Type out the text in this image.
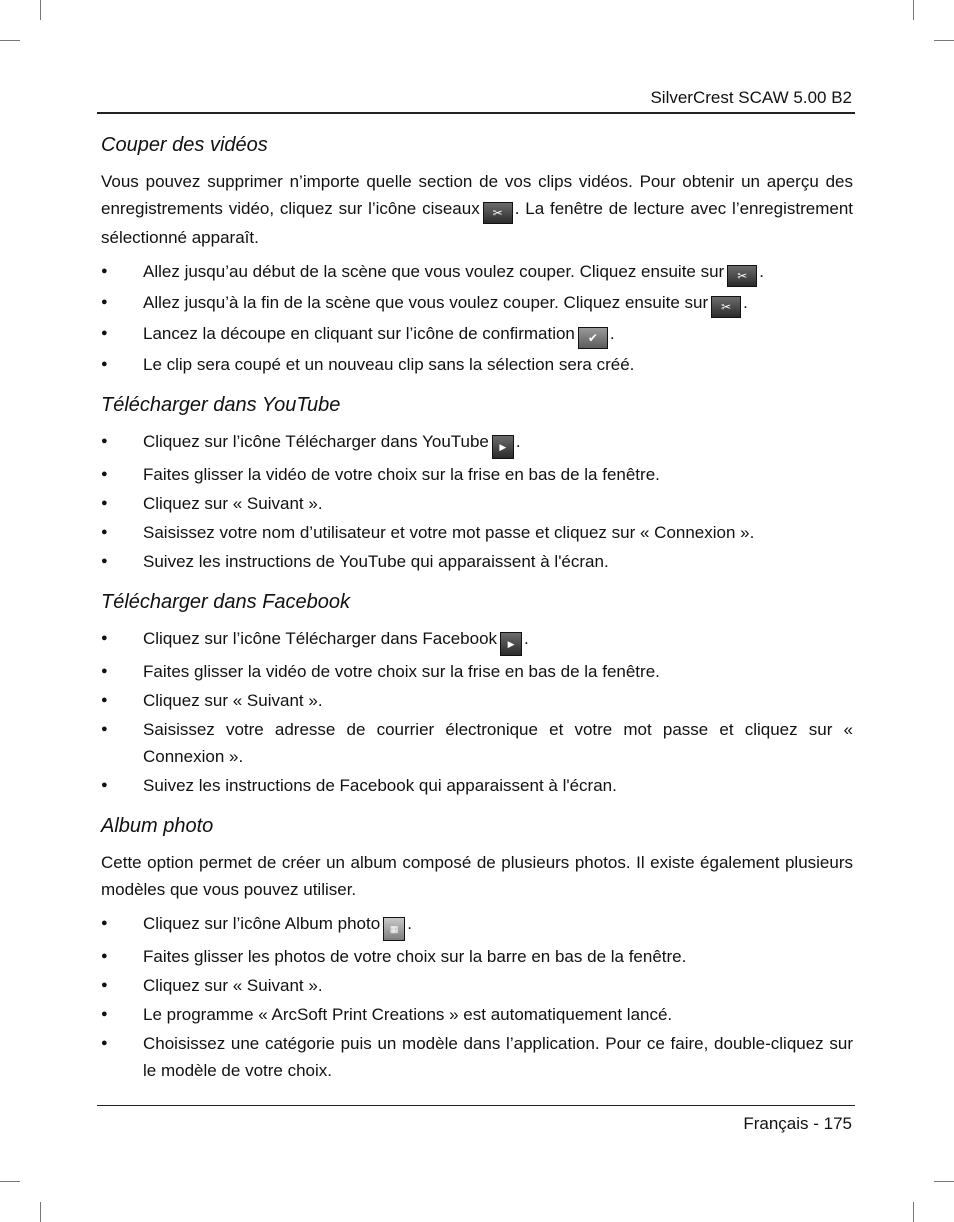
SilverCrest SCAW 5.00 B2
Couper des vidéos

Vous pouvez supprimer n’importe quelle section de vos clips vidéos. Pour obtenir un aperçu des enregistrements vidéo, cliquez sur l’icône ciseaux ✂ . La fenêtre de lecture avec l’enregistrement sélectionné apparaît.

● Allez jusqu’au début de la scène que vous voulez couper. Cliquez ensuite sur ✂ .
● Allez jusqu’à la fin de la scène que vous voulez couper. Cliquez ensuite sur ✂ .
● Lancez la découpe en cliquant sur l’icône de confirmation ✔ .
● Le clip sera coupé et un nouveau clip sans la sélection sera créé.
Télécharger dans YouTube
● Cliquez sur l’icône Télécharger dans YouTube ▶ .
● Faites glisser la vidéo de votre choix sur la frise en bas de la fenêtre.
● Cliquez sur « Suivant ».
● Saisissez votre nom d’utilisateur et votre mot passe et cliquez sur « Connexion ».
● Suivez les instructions de YouTube qui apparaissent à l'écran.
Télécharger dans Facebook
● Cliquez sur l’icône Télécharger dans Facebook ▶ .
● Faites glisser la vidéo de votre choix sur la frise en bas de la fenêtre.
● Cliquez sur « Suivant ».
● Saisissez votre adresse de courrier électronique et votre mot passe et cliquez sur « Connexion ».
● Suivez les instructions de Facebook qui apparaissent à l'écran.
Album photo

Cette option permet de créer un album composé de plusieurs photos. Il existe également plusieurs modèles que vous pouvez utiliser.

● Cliquez sur l’icône Album photo ▦ .
● Faites glisser les photos de votre choix sur la barre en bas de la fenêtre.
● Cliquez sur « Suivant ».
● Le programme « ArcSoft Print Creations » est automatiquement lancé.
● Choisissez une catégorie puis un modèle dans l’application. Pour ce faire, double-cliquez sur le modèle de votre choix.
Français - 175
